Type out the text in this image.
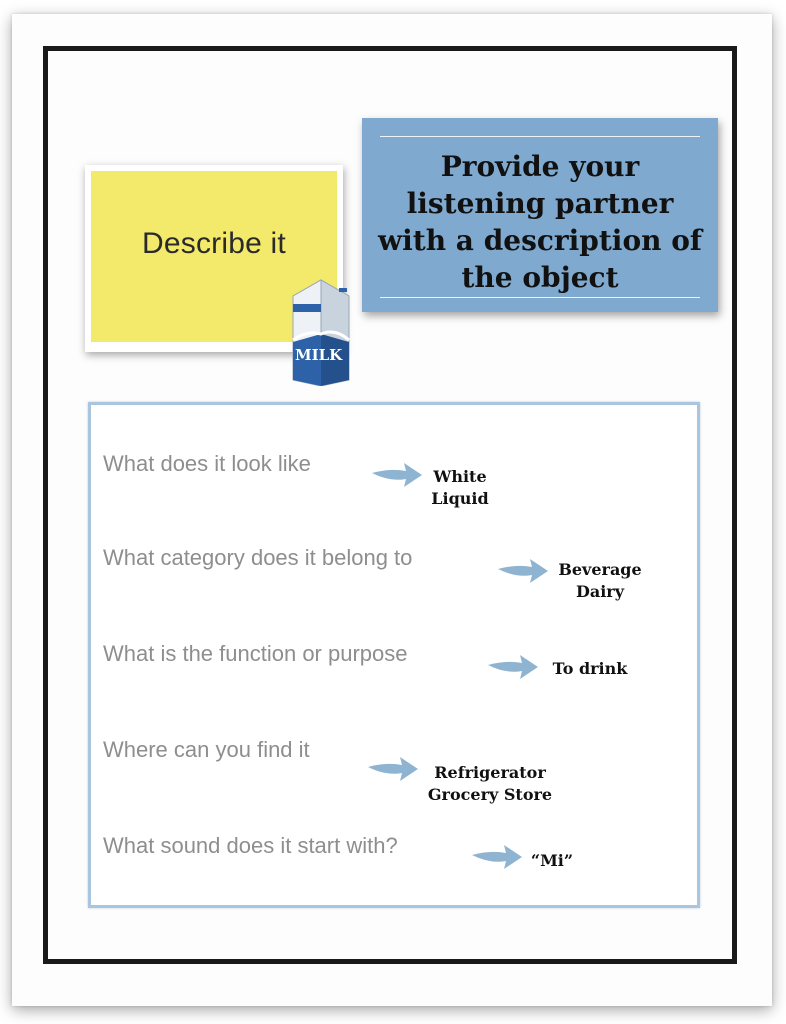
Describe it
Provide your listening partner with a description of the object
MILK
What does it look like
White
Liquid
What category does it belong to	Beverage
Dairy
What is the function or purpose
To drink
Where can you find it
Refrigerator
Grocery Store
What sound does it start with?
“Mi”
